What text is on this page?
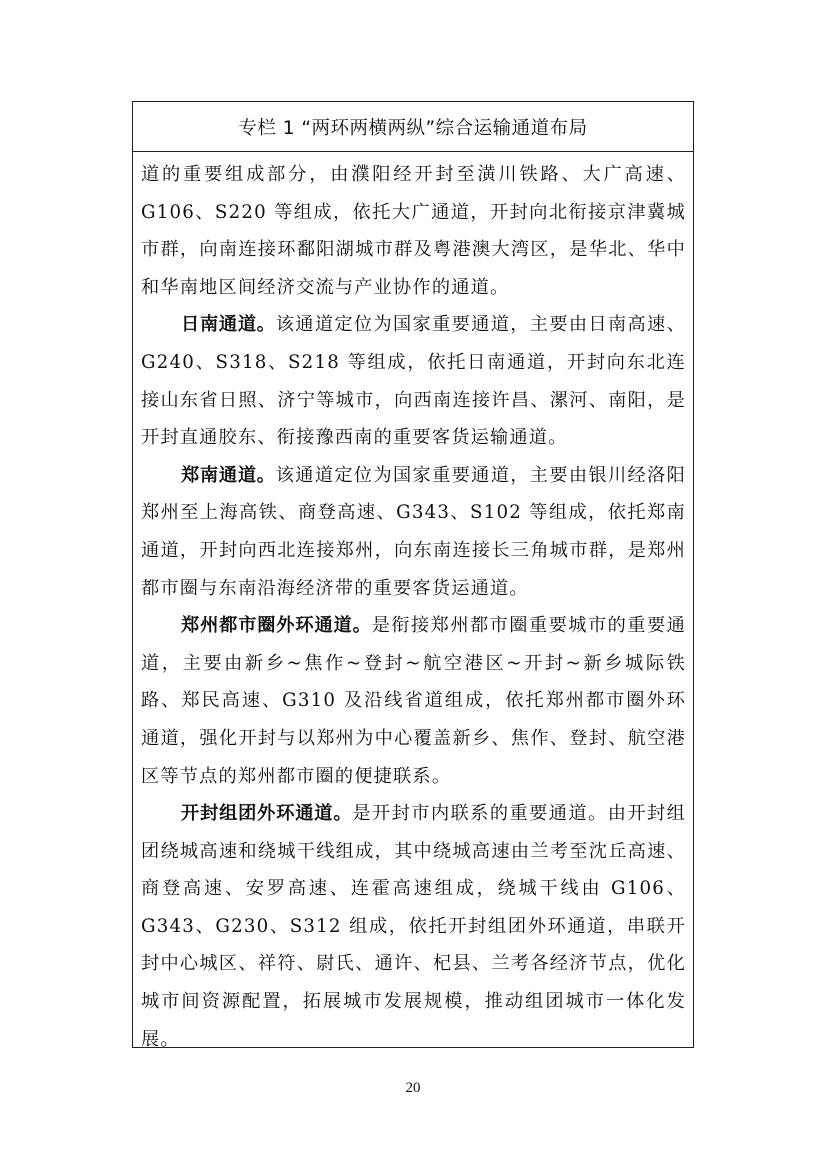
专栏 1 “两环两横两纵”综合运输通道布局

道的重要组成部分，由濮阳经开封至潢川铁路、大广高速、G106、S220 等组成，依托大广通道，开封向北衔接京津冀城市群，向南连接环鄱阳湖城市群及粤港澳大湾区，是华北、华中和华南地区间经济交流与产业协作的通道。

日南通道。该通道定位为国家重要通道，主要由日南高速、G240、S318、S218 等组成，依托日南通道，开封向东北连接山东省日照、济宁等城市，向西南连接许昌、漯河、南阳，是开封直通胶东、衔接豫西南的重要客货运输通道。

郑南通道。该通道定位为国家重要通道，主要由银川经洛阳郑州至上海高铁、商登高速、G343、S102 等组成，依托郑南通道，开封向西北连接郑州，向东南连接长三角城市群，是郑州都市圈与东南沿海经济带的重要客货运通道。

郑州都市圈外环通道。是衔接郑州都市圈重要城市的重要通道，主要由新乡~焦作~登封~航空港区~开封~新乡城际铁路、郑民高速、G310 及沿线省道组成，依托郑州都市圈外环通道，强化开封与以郑州为中心覆盖新乡、焦作、登封、航空港区等节点的郑州都市圈的便捷联系。

开封组团外环通道。是开封市内联系的重要通道。由开封组团绕城高速和绕城干线组成，其中绕城高速由兰考至沈丘高速、商登高速、安罗高速、连霍高速组成，绕城干线由 G106、G343、G230、S312 组成，依托开封组团外环通道，串联开封中心城区、祥符、尉氏、通许、杞县、兰考各经济节点，优化城市间资源配置，拓展城市发展规模，推动组团城市一体化发展。

20
